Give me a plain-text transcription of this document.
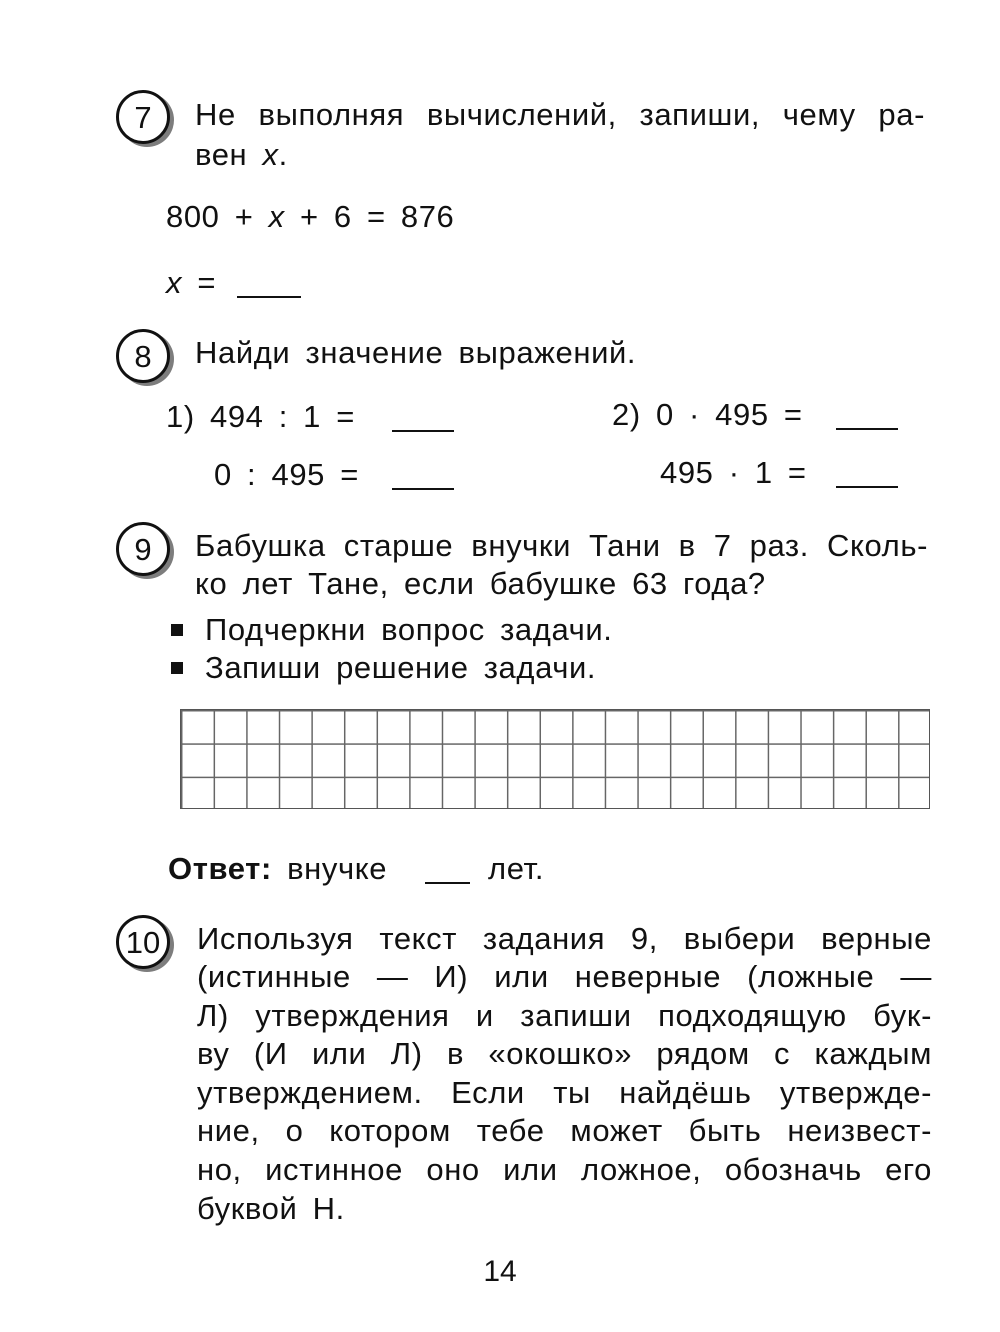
7 Не выполняя вычислений, запиши, чему ра-
вен x.
800 + x + 6 = 876
x =
8 Найди значение выражений.
1) 494 : 1 =
0 : 495 =
2) 0 · 495 =
495 · 1 =
9 Бабушка старше внучки Тани в 7 раз. Сколь-
ко лет Тане, если бабушке 63 года?
Подчеркни вопрос задачи.
Запиши решение задачи.
Ответ: внучке	лет.
10 Используя текст задания 9, выбери верные
(истинные — И) или неверные (ложные —
Л) утверждения и запиши подходящую бук-
ву (И или Л) в «окошко» рядом с каждым
утверждением. Если ты найдёшь утвержде-
ние, о котором тебе может быть неизвест-
но, истинное оно или ложное, обозначь его
буквой Н.
14
